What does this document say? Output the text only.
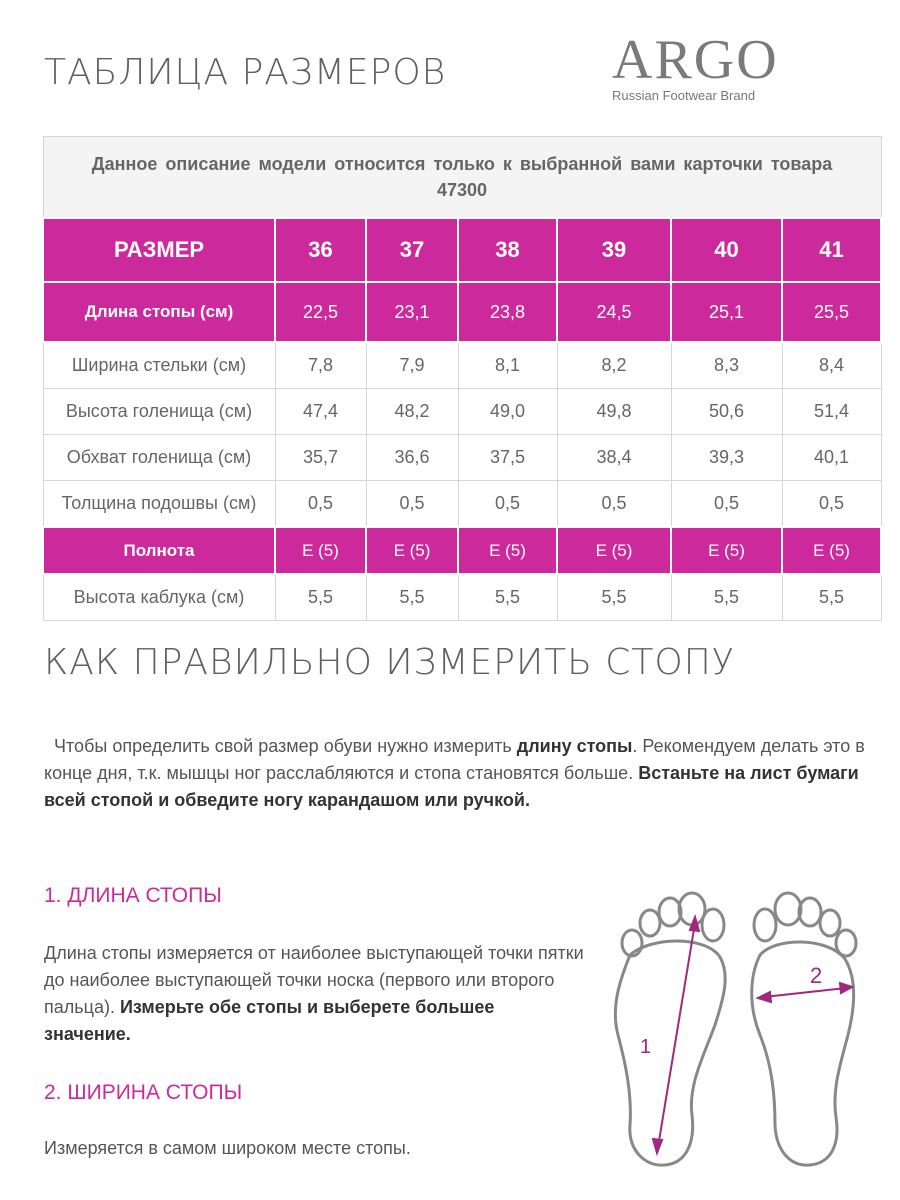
ТАБЛИЦА РАЗМЕРОВ	ARGO
Russian Footwear Brand
Данное описание модели относится только к выбранной вами карточки товара 47300						
РАЗМЕР	36	37	38	39	40	41
Длина стопы (см)	22,5	23,1	23,8	24,5	25,1	25,5
Ширина стельки (см)	7,8	7,9	8,1	8,2	8,3	8,4
Высота голенища (см)	47,4	48,2	49,0	49,8	50,6	51,4
Обхват голенища (см)	35,7	36,6	37,5	38,4	39,3	40,1
Толщина подошвы (см)	0,5	0,5	0,5	0,5	0,5	0,5
Полнота	E (5)	E (5)	E (5)	E (5)	E (5)	E (5)
Высота каблука (см)	5,5	5,5	5,5	5,5	5,5	5,5
КАК ПРАВИЛЬНО ИЗМЕРИТЬ СТОПУ
Чтобы определить свой размер обуви нужно измерить длину стопы. Рекомендуем делать это в конце дня, т.к. мышцы ног расслабляются и стопа становятся больше. Встаньте на лист бумаги всей стопой и обведите ногу карандашом или ручкой.
1. ДЛИНА СТОПЫ
Длина стопы измеряется от наиболее выступающей точки пятки до наиболее выступающей точки носка (первого или второго пальца). Измерьте обе стопы и выберете большее значение.
2. ШИРИНА СТОПЫ
Измеряется в самом широком месте стопы.
1
2
